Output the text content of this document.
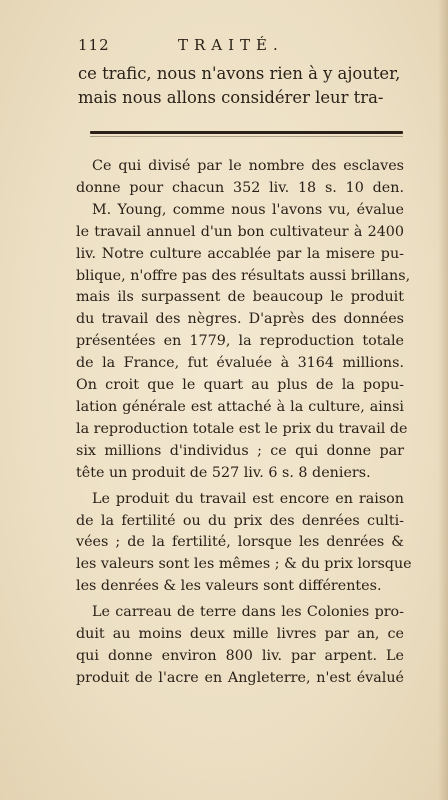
112	TRAITÉ.
ce trafic, nous n'avons rien à y ajouter,
mais nous allons considérer leur tra-
Ce qui divisé par le nombre des esclaves
donne pour chacun 352 liv. 18 s. 10 den.
M. Young, comme nous l'avons vu, évalue
le travail annuel d'un bon cultivateur à 2400
liv. Notre culture accablée par la misere pu-
blique, n'offre pas des résultats aussi brillans,
mais ils surpassent de beaucoup le produit
du travail des nègres. D'après des données
présentées en 1779, la reproduction totale
de la France, fut évaluée à 3164 millions.
On croit que le quart au plus de la popu-
lation générale est attaché à la culture, ainsi
la reproduction totale est le prix du travail de
six millions d'individus ; ce qui donne par
tête un produit de 527 liv. 6 s. 8 deniers.
Le produit du travail est encore en raison
de la fertilité ou du prix des denrées culti-
vées ; de la fertilité, lorsque les denrées &
les valeurs sont les mêmes ; & du prix lorsque
les denrées & les valeurs sont différentes.
Le carreau de terre dans les Colonies pro-
duit au moins deux mille livres par an, ce
qui donne environ 800 liv. par arpent. Le
produit de l'acre en Angleterre, n'est évalué
